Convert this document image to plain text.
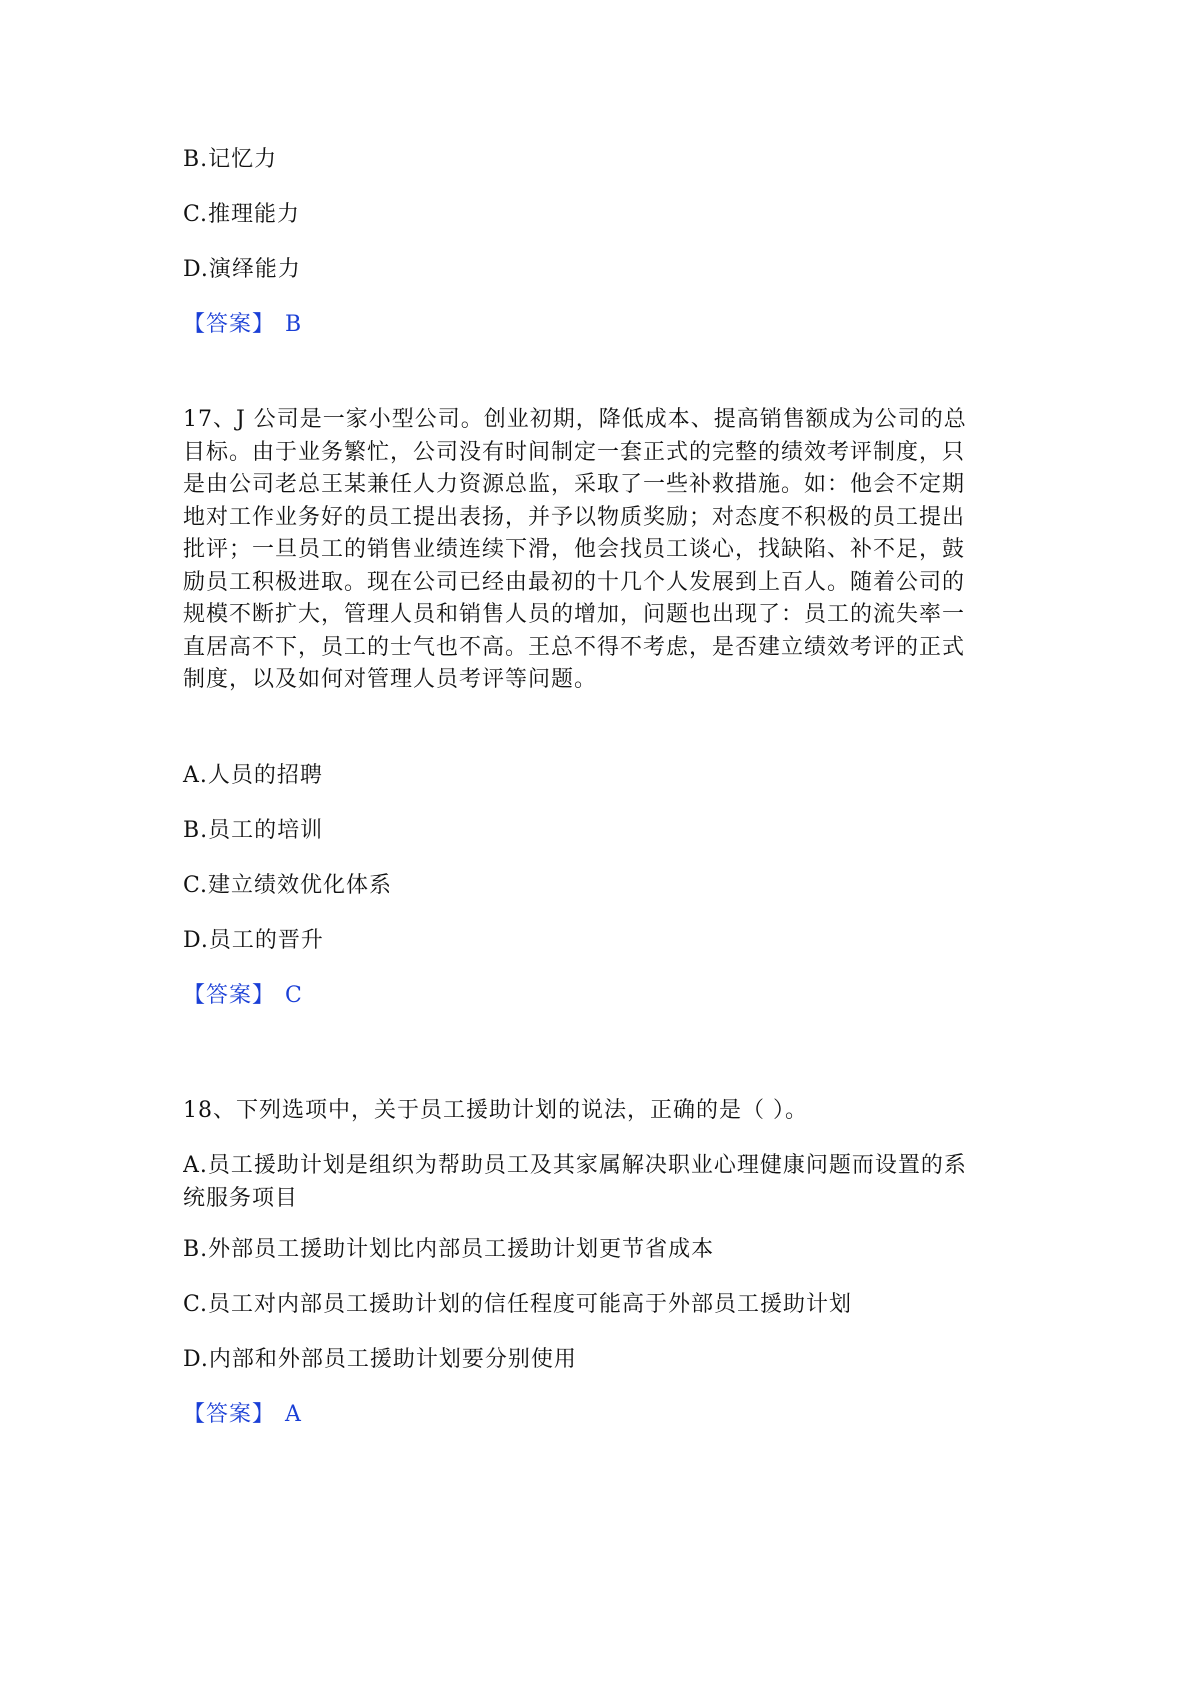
B.记忆力
C.推理能力
D.演绎能力
【答案】 B
17、J 公司是一家小型公司。创业初期，降低成本、提高销售额成为公司的总
目标。由于业务繁忙，公司没有时间制定一套正式的完整的绩效考评制度，只
是由公司老总王某兼任人力资源总监，采取了一些补救措施。如：他会不定期
地对工作业务好的员工提出表扬，并予以物质奖励；对态度不积极的员工提出
批评；一旦员工的销售业绩连续下滑，他会找员工谈心，找缺陷、补不足，鼓
励员工积极进取。现在公司已经由最初的十几个人发展到上百人。随着公司的
规模不断扩大，管理人员和销售人员的增加，问题也出现了：员工的流失率一
直居高不下，员工的士气也不高。王总不得不考虑，是否建立绩效考评的正式
制度，以及如何对管理人员考评等问题。
A.人员的招聘
B.员工的培训
C.建立绩效优化体系
D.员工的晋升
【答案】 C
18、下列选项中，关于员工援助计划的说法，正确的是（ ）。
A.员工援助计划是组织为帮助员工及其家属解决职业心理健康问题而设置的系
统服务项目
B.外部员工援助计划比内部员工援助计划更节省成本
C.员工对内部员工援助计划的信任程度可能高于外部员工援助计划
D.内部和外部员工援助计划要分别使用
【答案】 A
